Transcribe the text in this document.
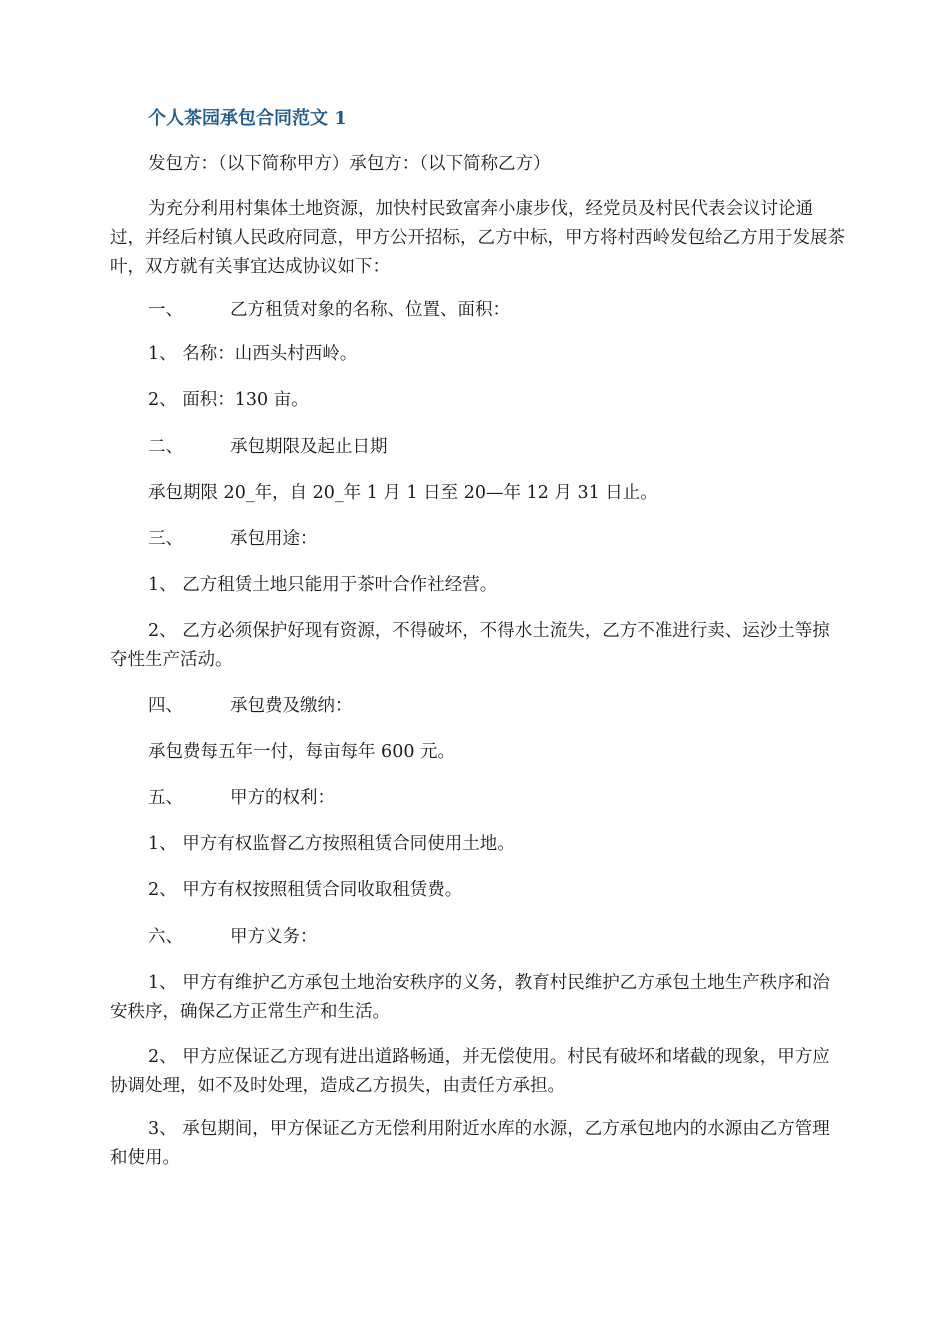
个人茶园承包合同范文 1

发包方：（以下简称甲方）承包方：（以下简称乙方）

为充分利用村集体土地资源，加快村民致富奔小康步伐，经党员及村民代表会议讨论通过，并经后村镇人民政府同意，甲方公开招标，乙方中标，甲方将村西岭发包给乙方用于发展茶叶，双方就有关事宜达成协议如下：

一、	乙方租赁对象的名称、位置、面积：

1、 名称：山西头村西岭。

2、 面积：130 亩。

二、	承包期限及起止日期

承包期限 20_年，自 20_年 1 月 1 日至 20—年 12 月 31 日止。

三、	承包用途：

1、 乙方租赁土地只能用于茶叶合作社经营。

2、 乙方必须保护好现有资源，不得破坏，不得水土流失，乙方不准进行卖、运沙土等掠夺性生产活动。

四、	承包费及缴纳：

承包费每五年一付，每亩每年 600 元。

五、	甲方的权利：

1、 甲方有权监督乙方按照租赁合同使用土地。

2、 甲方有权按照租赁合同收取租赁费。

六、	甲方义务：

1、 甲方有维护乙方承包土地治安秩序的义务，教育村民维护乙方承包土地生产秩序和治安秩序，确保乙方正常生产和生活。

2、 甲方应保证乙方现有进出道路畅通，并无偿使用。村民有破坏和堵截的现象，甲方应协调处理，如不及时处理，造成乙方损失，由责任方承担。

3、 承包期间，甲方保证乙方无偿利用附近水库的水源，乙方承包地内的水源由乙方管理和使用。
